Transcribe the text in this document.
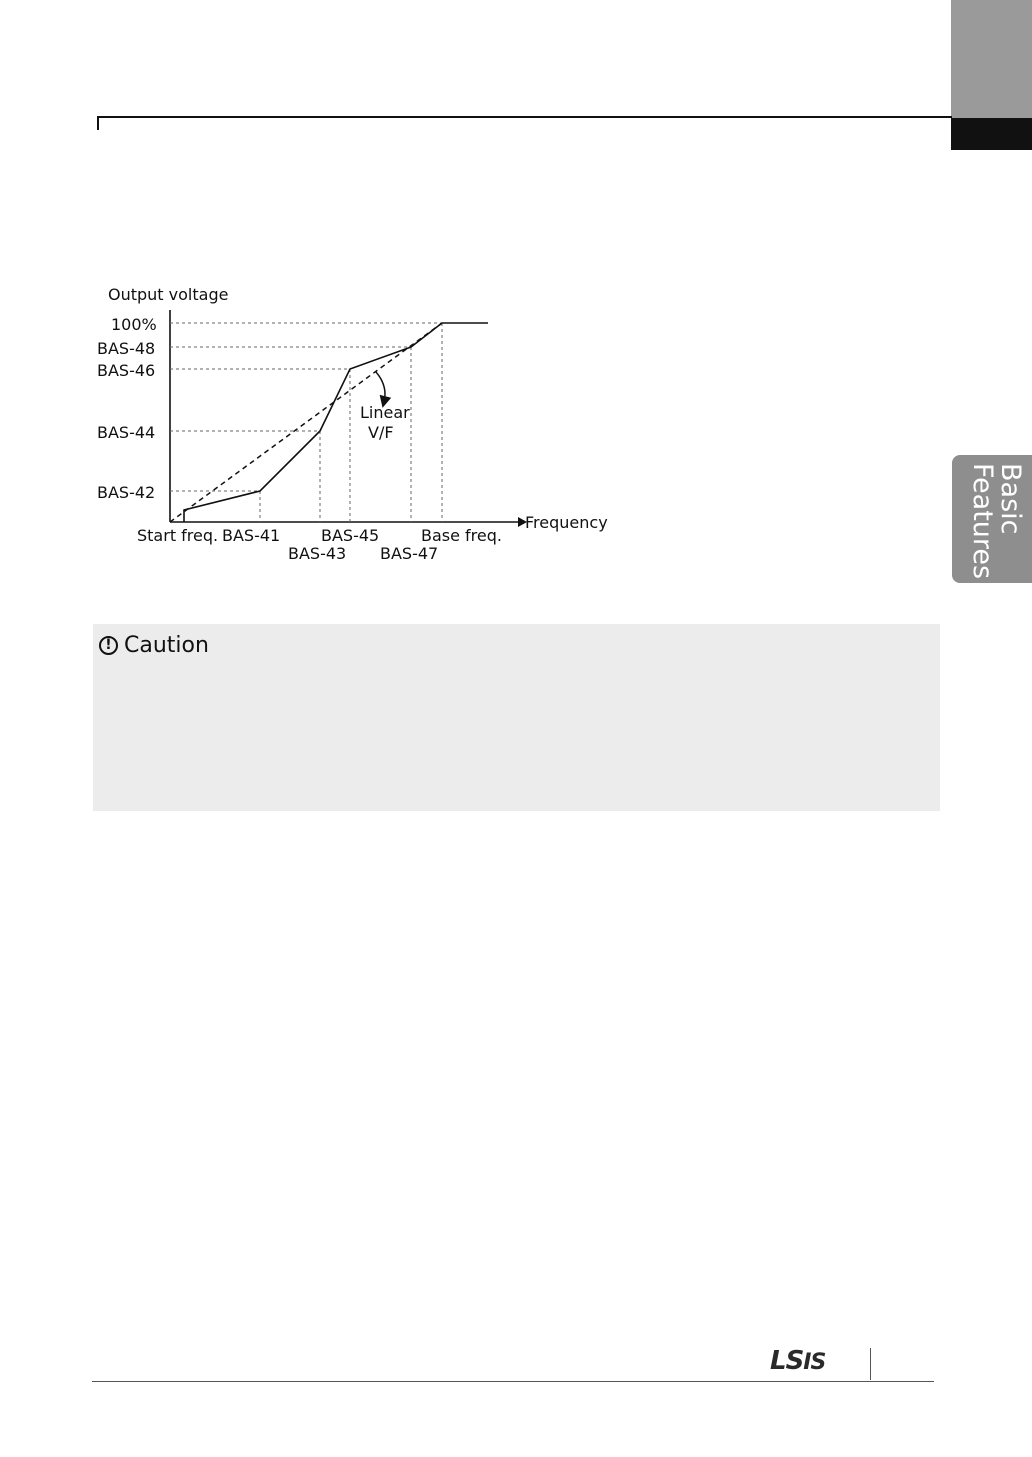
Basic
Features
Output voltage
100%
BAS-48
BAS-46
BAS-44
BAS-42
Frequency
Start freq. BAS-41	BAS-45	Base freq.
BAS-43 BAS-47
Linear
V/F
! Caution
LSIS
